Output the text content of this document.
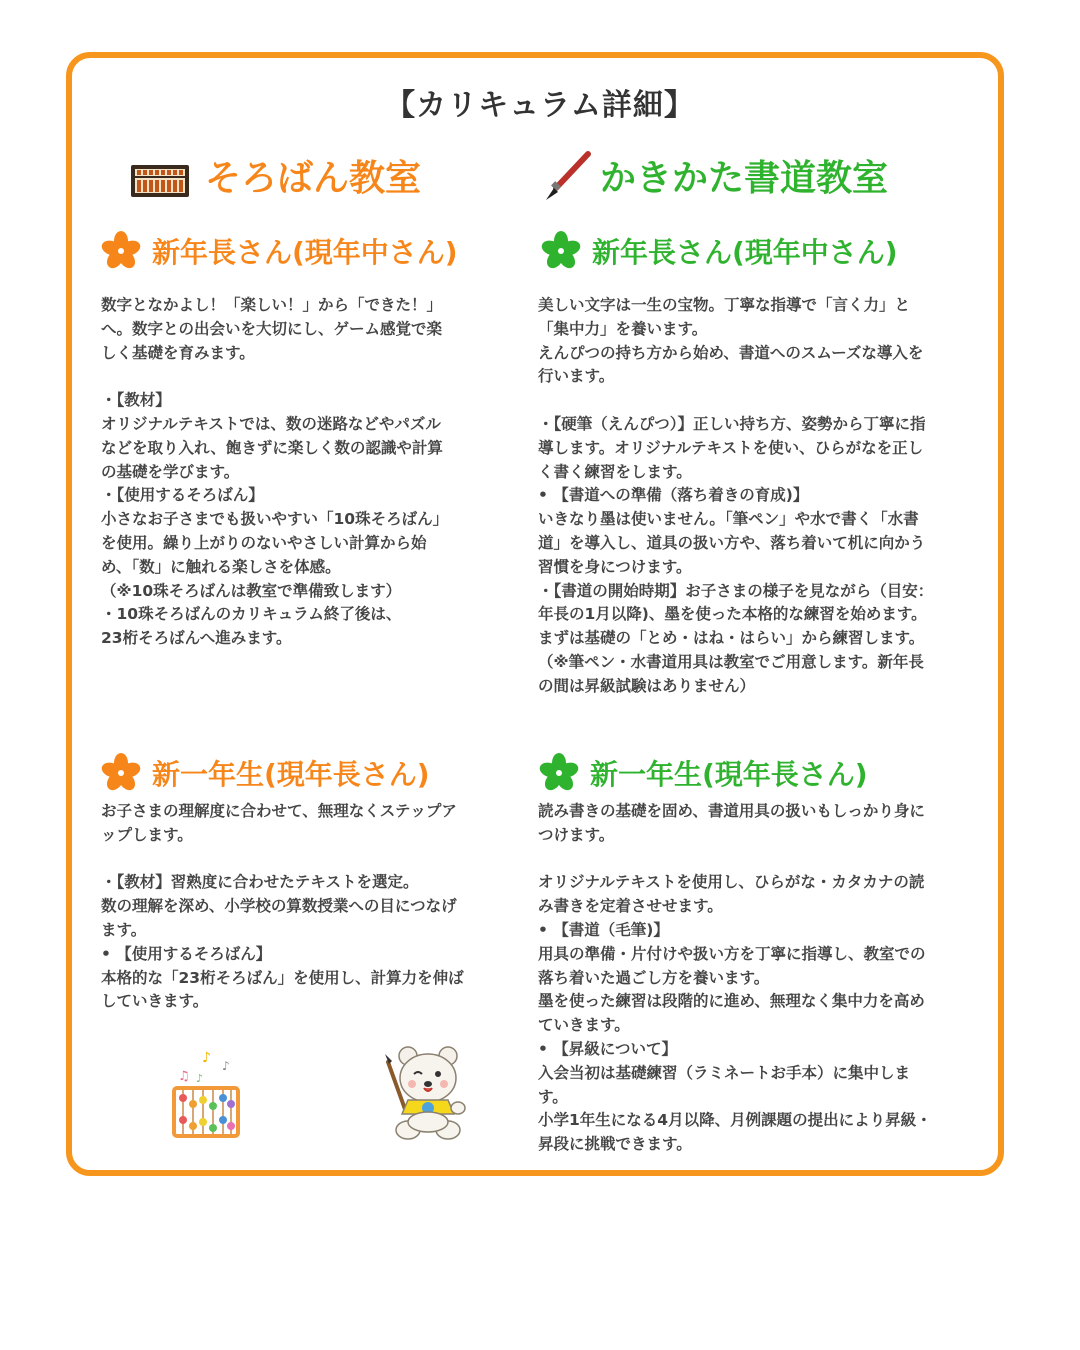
【カリキュラム詳細】
そろばん教室	かきかた書道教室
新年長さん(現年中さん)
数字となかよし！「楽しい！」から「できた！」
へ。数字との出会いを大切にし、ゲーム感覚で楽
しく基礎を育みます。

・【教材】
オリジナルテキストでは、数の迷路などやパズル
などを取り入れ、飽きずに楽しく数の認識や計算
の基礎を学びます。
・【使用するそろばん】
小さなお子さまでも扱いやすい「10珠そろばん」
を使用。繰り上がりのないやさしい計算から始
め、「数」に触れる楽しさを体感。
（※10珠そろばんは教室で準備致します）
・10珠そろばんのカリキュラム終了後は、
23桁そろばんへ進みます。
新年長さん(現年中さん)
美しい文字は一生の宝物。丁寧な指導で「言く力」と
「集中力」を養います。
えんぴつの持ち方から始め、書道へのスムーズな導入を
行います。

・【硬筆（えんぴつ）】正しい持ち方、姿勢から丁寧に指
導します。オリジナルテキストを使い、ひらがなを正し
く書く練習をします。
• 【書道への準備（落ち着きの育成)】
いきなり墨は使いません。「筆ペン」や水で書く「水書
道」を導入し、道具の扱い方や、落ち着いて机に向かう
習慣を身につけます。
・【書道の開始時期】お子さまの様子を見ながら（目安：
年長の1月以降)、墨を使った本格的な練習を始めます。
まずは基礎の「とめ・はね・はらい」から練習します。
（※筆ペン・水書道用具は教室でご用意します。新年長
の間は昇級試験はありません）
新一年生(現年長さん)
お子さまの理解度に合わせて、無理なくステップア
ップします。

・【教材】習熟度に合わせたテキストを選定。
数の理解を深め、小学校の算数授業への目につなげ
ます。
• 【使用するそろばん】
本格的な「23桁そろばん」を使用し、計算力を伸ば
していきます。
新一年生(現年長さん)
読み書きの基礎を固め、書道用具の扱いもしっかり身に
つけます。

オリジナルテキストを使用し、ひらがな・カタカナの読
み書きを定着させせます。
• 【書道（毛筆)】
用具の準備・片付けや扱い方を丁寧に指導し、教室での
落ち着いた過ごし方を養います。
墨を使った練習は段階的に進め、無理なく集中力を高め
ていきます。
• 【昇級について】
入会当初は基礎練習（ラミネートお手本）に集中しま
す。
小学1年生になる4月以降、月例課題の提出により昇級・
昇段に挑戦できます。
♪ ♪
♫ ♪
